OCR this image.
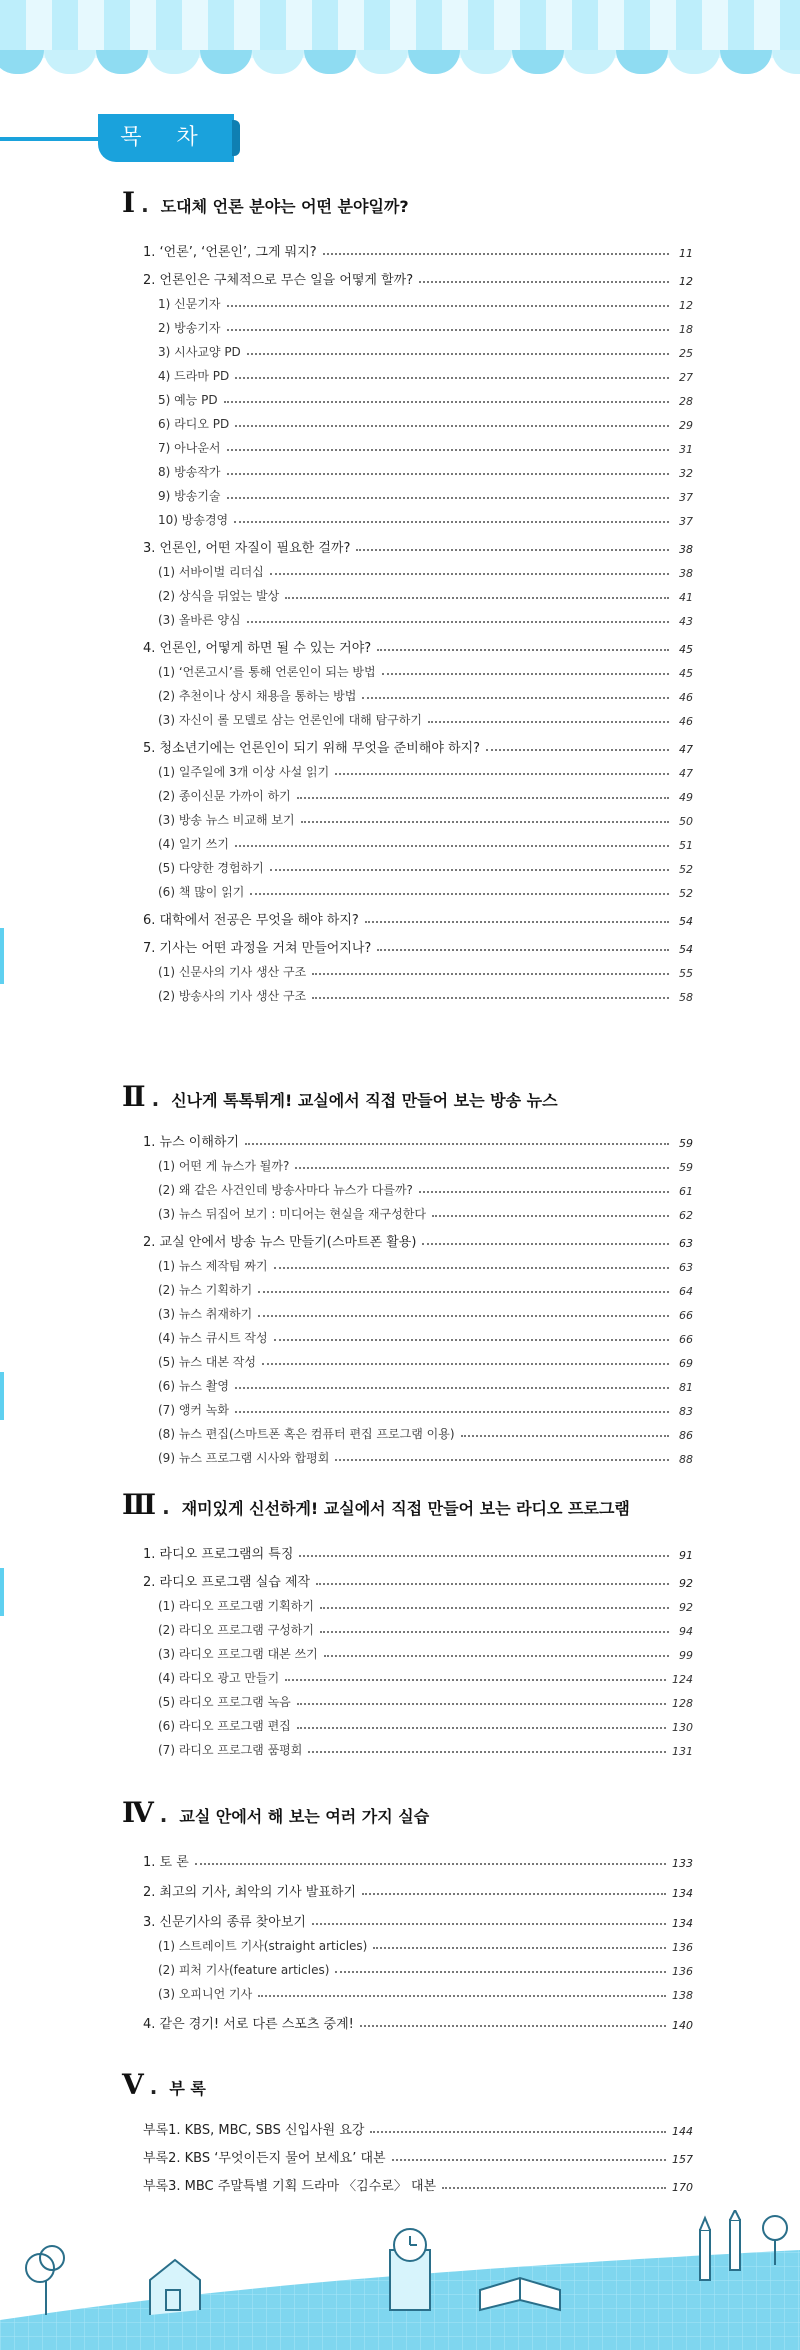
목 차
Ⅰ . 도대체 언론 분야는 어떤 분야일까?
1. ‘언론’, ‘언론인’, 그게 뭐지?	11
2. 언론인은 구체적으로 무슨 일을 어떻게 할까?	12
1) 신문기자	12
2) 방송기자	18
3) 시사교양 PD	25
4) 드라마 PD	27
5) 예능 PD	28
6) 라디오 PD	29
7) 아나운서	31
8) 방송작가	32
9) 방송기술	37
10) 방송경영	37
3. 언론인, 어떤 자질이 필요한 걸까?	38
(1) 서바이벌 리더십	38
(2) 상식을 뒤엎는 발상	41
(3) 올바른 양심	43
4. 언론인, 어떻게 하면 될 수 있는 거야?	45
(1) ‘언론고시’를 통해 언론인이 되는 방법	45
(2) 추천이나 상시 채용을 통하는 방법	46
(3) 자신이 롤 모델로 삼는 언론인에 대해 탐구하기	46
5. 청소년기에는 언론인이 되기 위해 무엇을 준비해야 하지?	47
(1) 일주일에 3개 이상 사설 읽기	47
(2) 종이신문 가까이 하기	49
(3) 방송 뉴스 비교해 보기	50
(4) 일기 쓰기	51
(5) 다양한 경험하기	52
(6) 책 많이 읽기	52
6. 대학에서 전공은 무엇을 해야 하지?	54
7. 기사는 어떤 과정을 거쳐 만들어지나?	54
(1) 신문사의 기사 생산 구조	55
(2) 방송사의 기사 생산 구조	58
Ⅱ . 신나게 톡톡튀게! 교실에서 직접 만들어 보는 방송 뉴스
1. 뉴스 이해하기	59
(1) 어떤 게 뉴스가 될까?	59
(2) 왜 같은 사건인데 방송사마다 뉴스가 다를까?	61
(3) 뉴스 뒤집어 보기 : 미디어는 현실을 재구성한다	62
2. 교실 안에서 방송 뉴스 만들기(스마트폰 활용)	63
(1) 뉴스 제작팀 짜기	63
(2) 뉴스 기획하기	64
(3) 뉴스 취재하기	66
(4) 뉴스 큐시트 작성	66
(5) 뉴스 대본 작성	69
(6) 뉴스 촬영	81
(7) 앵커 녹화	83
(8) 뉴스 편집(스마트폰 혹은 컴퓨터 편집 프로그램 이용)	86
(9) 뉴스 프로그램 시사와 합평회	88
Ⅲ . 재미있게 신선하게! 교실에서 직접 만들어 보는 라디오 프로그램
1. 라디오 프로그램의 특징	91
2. 라디오 프로그램 실습 제작	92
(1) 라디오 프로그램 기획하기	92
(2) 라디오 프로그램 구성하기	94
(3) 라디오 프로그램 대본 쓰기	99
(4) 라디오 광고 만들기	124
(5) 라디오 프로그램 녹음	128
(6) 라디오 프로그램 편집	130
(7) 라디오 프로그램 품평회	131
Ⅳ . 교실 안에서 해 보는 여러 가지 실습
1. 토 론	133
2. 최고의 기사, 최악의 기사 발표하기	134
3. 신문기사의 종류 찾아보기	134
(1) 스트레이트 기사(straight articles)	136
(2) 피처 기사(feature articles)	136
(3) 오피니언 기사	138
4. 같은 경기! 서로 다른 스포츠 중계!	140
Ⅴ . 부 록
부록1. KBS, MBC, SBS 신입사원 요강	144
부록2. KBS ‘무엇이든지 물어 보세요’ 대본	157
부록3. MBC 주말특별 기획 드라마 〈김수로〉 대본	170
